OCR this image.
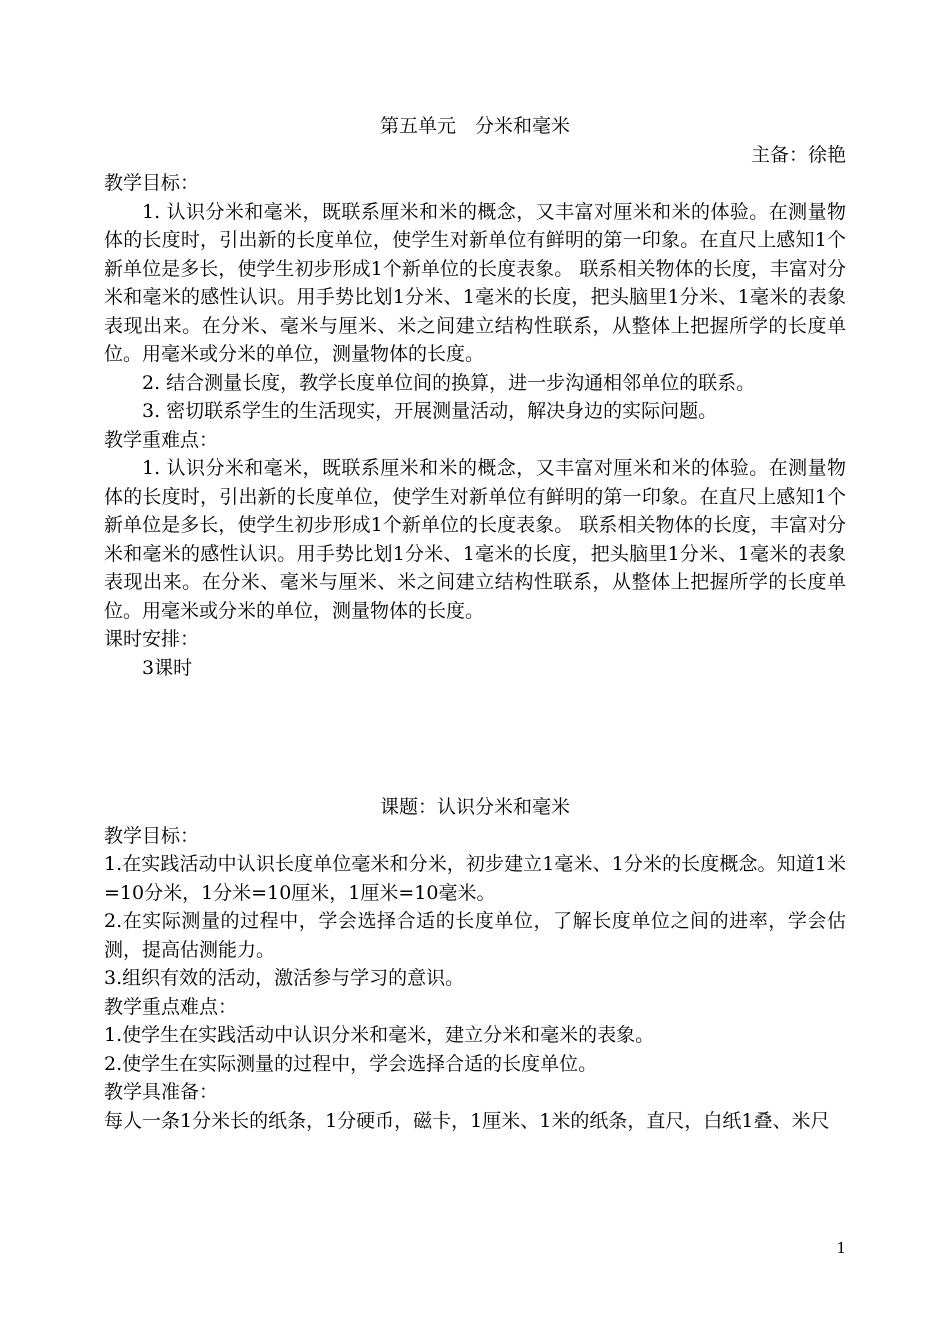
第五单元　分米和毫米

主备：徐艳

教学目标：

1. 认识分米和毫米，既联系厘米和米的概念，又丰富对厘米和米的体验。在测量物体的长度时，引出新的长度单位，使学生对新单位有鲜明的第一印象。在直尺上感知1个新单位是多长，使学生初步形成1个新单位的长度表象。 联系相关物体的长度，丰富对分米和毫米的感性认识。用手势比划1分米、1毫米的长度，把头脑里1分米、1毫米的表象表现出来。在分米、毫米与厘米、米之间建立结构性联系，从整体上把握所学的长度单位。用毫米或分米的单位，测量物体的长度。

2. 结合测量长度，教学长度单位间的换算，进一步沟通相邻单位的联系。

3. 密切联系学生的生活现实，开展测量活动，解决身边的实际问题。

教学重难点：

1. 认识分米和毫米，既联系厘米和米的概念，又丰富对厘米和米的体验。在测量物体的长度时，引出新的长度单位，使学生对新单位有鲜明的第一印象。在直尺上感知1个新单位是多长，使学生初步形成1个新单位的长度表象。 联系相关物体的长度，丰富对分米和毫米的感性认识。用手势比划1分米、1毫米的长度，把头脑里1分米、1毫米的表象表现出来。在分米、毫米与厘米、米之间建立结构性联系，从整体上把握所学的长度单位。用毫米或分米的单位，测量物体的长度。

课时安排：

3课时

课题：认识分米和毫米

教学目标：

1.在实践活动中认识长度单位毫米和分米，初步建立1毫米、1分米的长度概念。知道1米=10分米，1分米=10厘米，1厘米=10毫米。

2.在实际测量的过程中，学会选择合适的长度单位，了解长度单位之间的进率，学会估测，提高估测能力。

3.组织有效的活动，激活参与学习的意识。

教学重点难点：

1.使学生在实践活动中认识分米和毫米，建立分米和毫米的表象。

2.使学生在实际测量的过程中，学会选择合适的长度单位。

教学具准备：

每人一条1分米长的纸条，1分硬币，磁卡，1厘米、1米的纸条，直尺，白纸1叠、米尺

1
